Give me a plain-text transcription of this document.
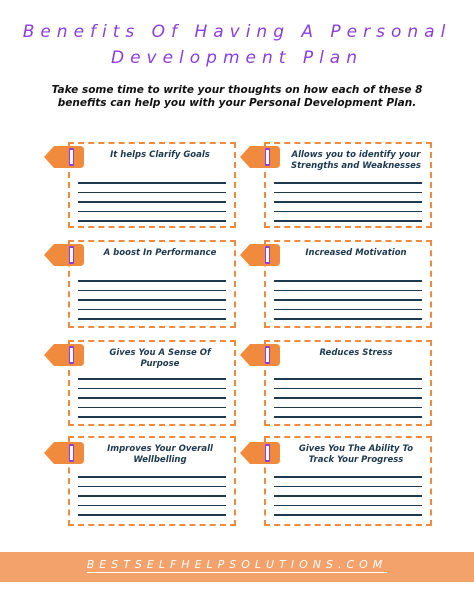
Benefits Of Having A Personal
Development Plan
Take some time to write your thoughts on how each of these 8 benefits can help you with your Personal Development Plan.
It helps Clarify Goals	Allows you to identify your Strengths and Weaknesses
A boost In Performance	Increased Motivation
Gives You A Sense Of Purpose
Reduces Stress
Improves Your Overall Wellbelling
Gives You The Ability To Track Your Progress
BESTSELFHELPSOLUTIONS.COM
